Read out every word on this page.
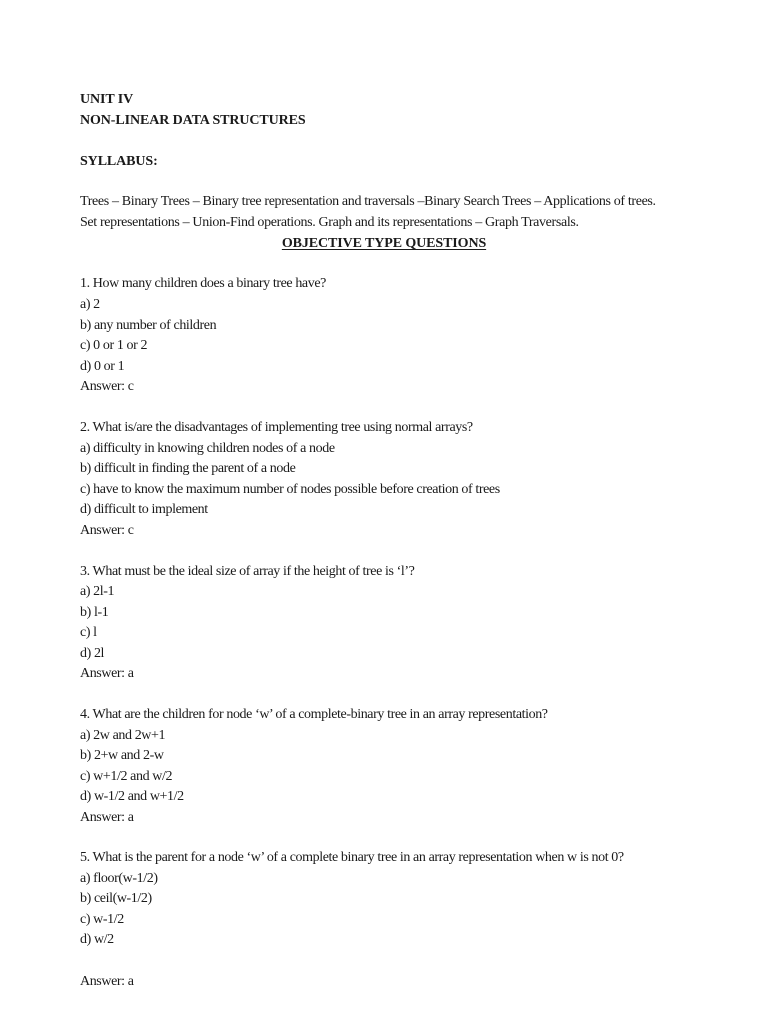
UNIT IV
NON-LINEAR DATA STRUCTURES
SYLLABUS:
Trees – Binary Trees – Binary tree representation and traversals –Binary Search Trees – Applications of trees.
Set representations – Union-Find operations. Graph and its representations – Graph Traversals.
OBJECTIVE TYPE QUESTIONS
1. How many children does a binary tree have?
a) 2
b) any number of children
c) 0 or 1 or 2
d) 0 or 1
Answer: c
2. What is/are the disadvantages of implementing tree using normal arrays?
a) difficulty in knowing children nodes of a node
b) difficult in finding the parent of a node
c) have to know the maximum number of nodes possible before creation of trees
d) difficult to implement
Answer: c
3. What must be the ideal size of array if the height of tree is ‘l’?
a) 2l-1
b) l-1
c) l
d) 2l
Answer: a
4. What are the children for node ‘w’ of a complete-binary tree in an array representation?
a) 2w and 2w+1
b) 2+w and 2-w
c) w+1/2 and w/2
d) w-1/2 and w+1/2
Answer: a
5. What is the parent for a node ‘w’ of a complete binary tree in an array representation when w is not 0?
a) floor(w-1/2)
b) ceil(w-1/2)
c) w-1/2
d) w/2
Answer: a
